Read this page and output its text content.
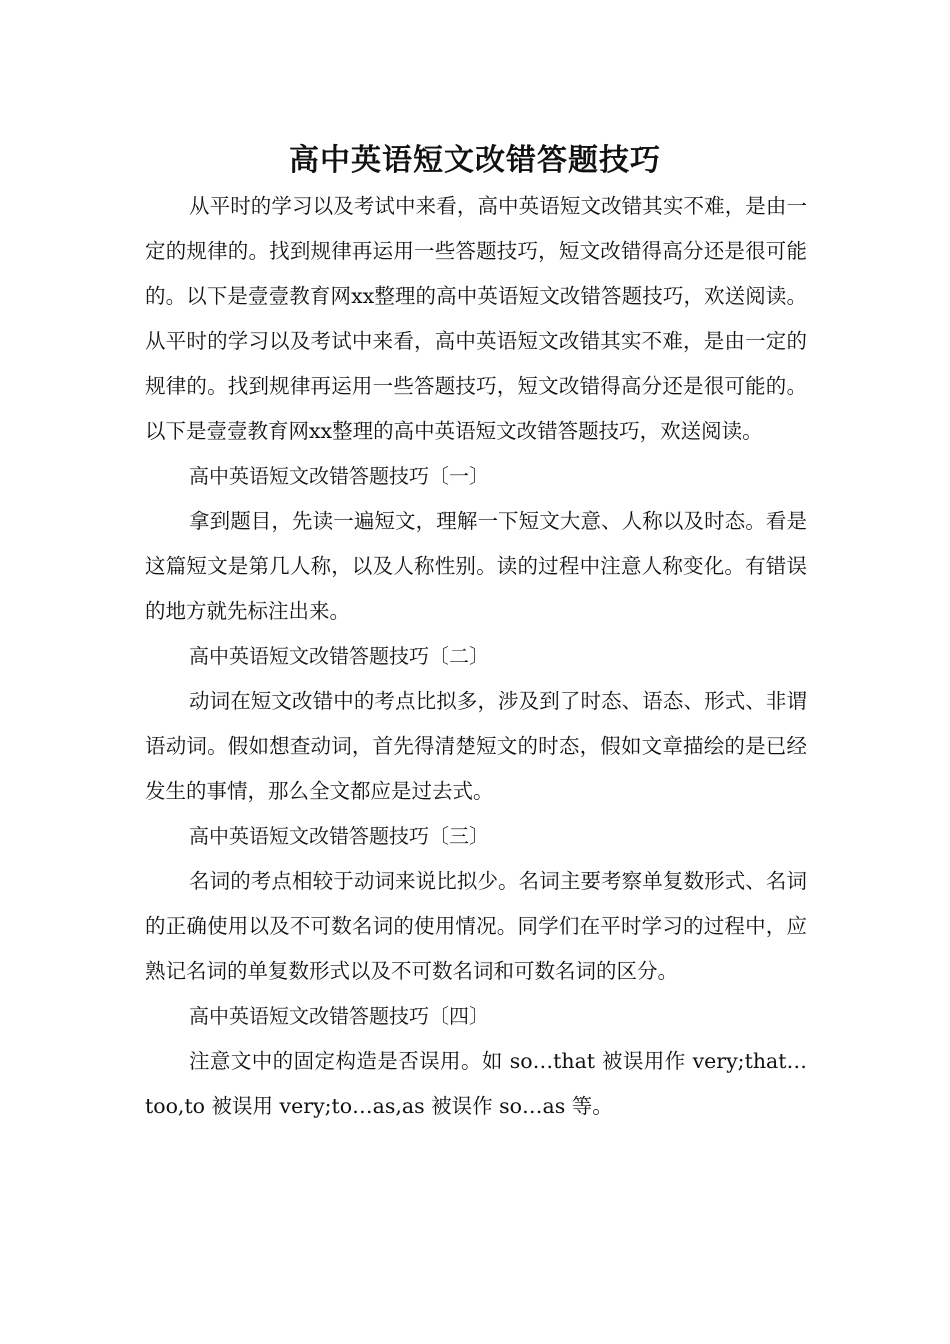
高中英语短文改错答题技巧

从平时的学习以及考试中来看，高中英语短文改错其实不难，是由一定的规律的。找到规律再运用一些答题技巧，短文改错得高分还是很可能的。以下是壹壹教育网xx整理的高中英语短文改错答题技巧，欢送阅读。从平时的学习以及考试中来看，高中英语短文改错其实不难，是由一定的规律的。找到规律再运用一些答题技巧，短文改错得高分还是很可能的。以下是壹壹教育网xx整理的高中英语短文改错答题技巧，欢送阅读。

高中英语短文改错答题技巧〔一〕

拿到题目，先读一遍短文，理解一下短文大意、人称以及时态。看是这篇短文是第几人称，以及人称性别。读的过程中注意人称变化。有错误的地方就先标注出来。

高中英语短文改错答题技巧〔二〕

动词在短文改错中的考点比拟多，涉及到了时态、语态、形式、非谓语动词。假如想查动词，首先得清楚短文的时态，假如文章描绘的是已经发生的事情，那么全文都应是过去式。

高中英语短文改错答题技巧〔三〕

名词的考点相较于动词来说比拟少。名词主要考察单复数形式、名词的正确使用以及不可数名词的使用情况。同学们在平时学习的过程中，应熟记名词的单复数形式以及不可数名词和可数名词的区分。

高中英语短文改错答题技巧〔四〕

注意文中的固定构造是否误用。如 so…that 被误用作 very;that…too,to 被误用 very;to…as,as 被误作 so…as 等。
